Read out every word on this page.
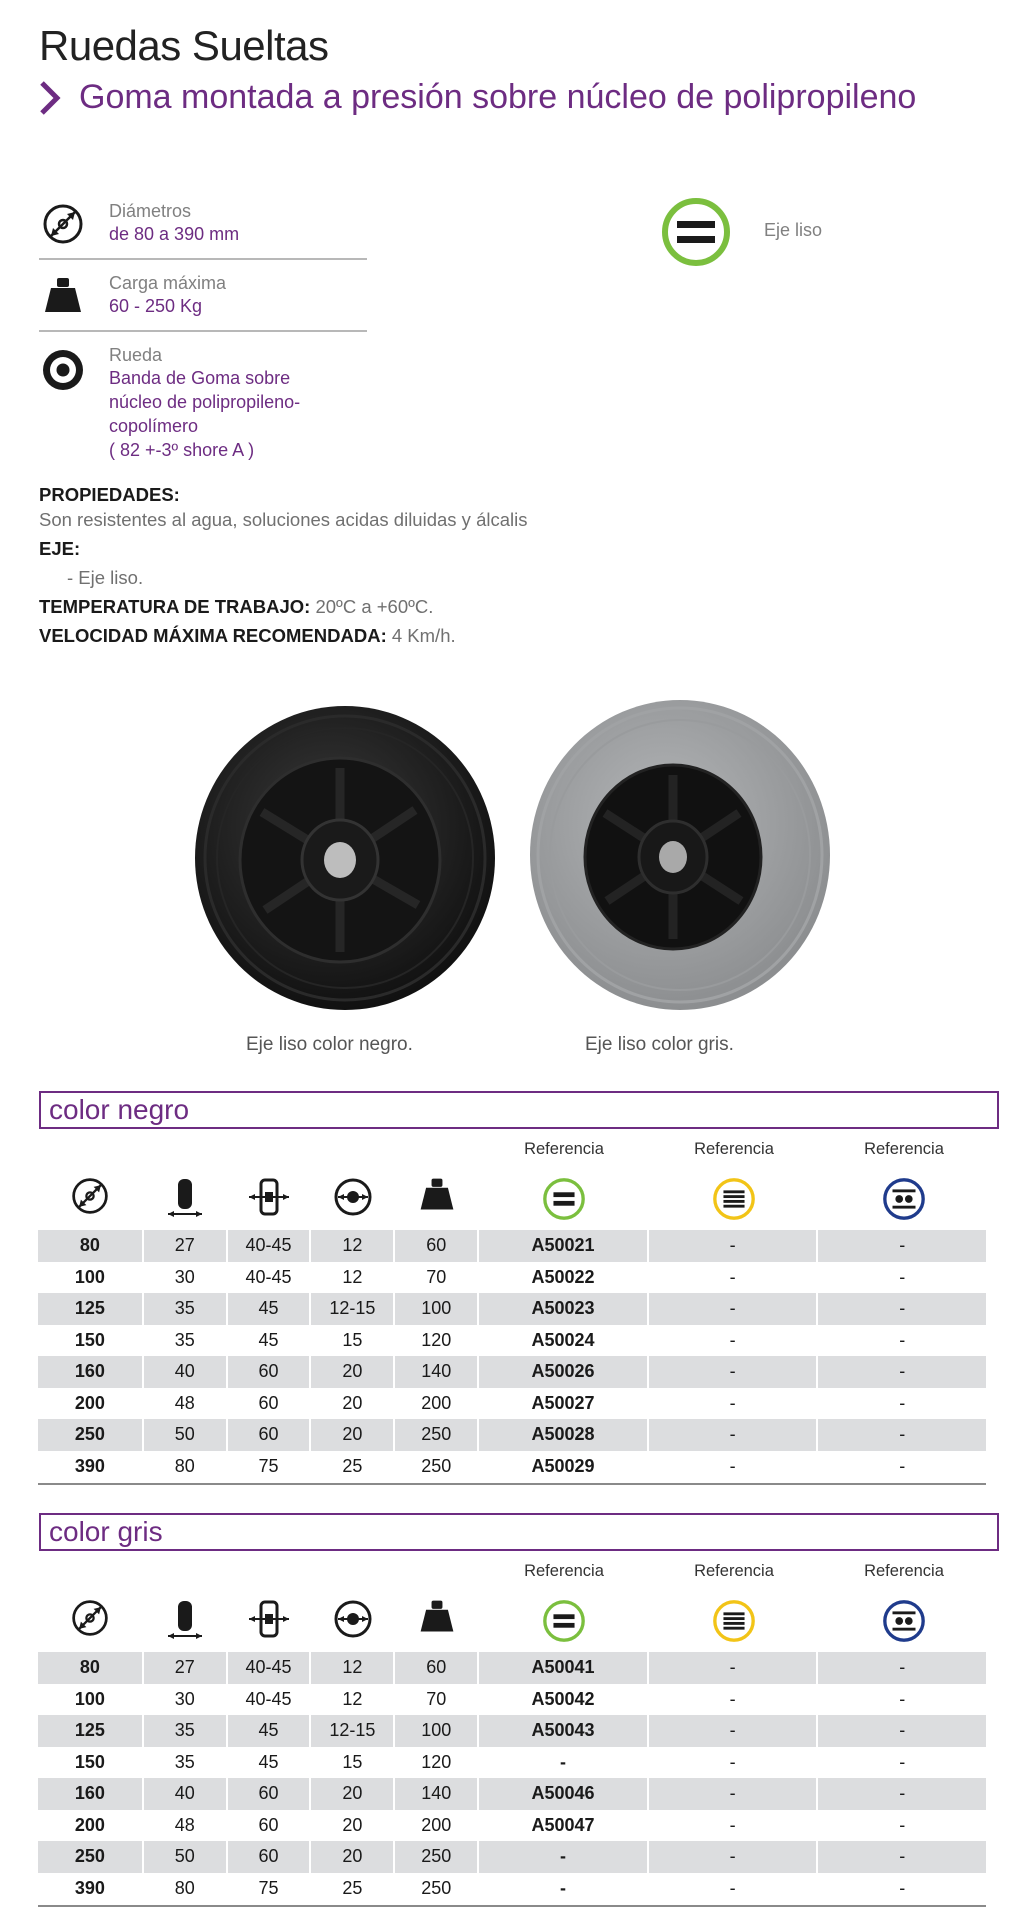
Ruedas Sueltas
Goma montada a presión sobre núcleo de polipropileno
Diámetros
de 80 a 390 mm
Carga máxima
60 - 250 Kg
Rueda
Banda de Goma sobre
núcleo de polipropileno-copolímero
( 82 +-3º shore A )
Eje liso
PROPIEDADES:
Son resistentes al agua, soluciones acidas diluidas y álcalis
EJE:
- Eje liso.
TEMPERATURA DE TRABAJO: 20ºC a +60ºC.
VELOCIDAD MÁXIMA RECOMENDADA: 4 Km/h.
Eje liso color negro.	Eje liso color gris.
color negro
Referencia	Referencia	Referencia
80	27	40-45	12	60	A50021	-	-
100	30	40-45	12	70	A50022	-	-
125	35	45	12-15	100	A50023	-	-
150	35	45	15	120	A50024	-	-
160	40	60	20	140	A50026	-	-
200	48	60	20	200	A50027	-	-
250	50	60	20	250	A50028	-	-
390	80	75	25	250	A50029	-	-
color gris
Referencia	Referencia	Referencia
80	27	40-45	12	60	A50041	-	-
100	30	40-45	12	70	A50042	-	-
125	35	45	12-15	100	A50043	-	-
150	35	45	15	120	-	-	-
160	40	60	20	140	A50046	-	-
200	48	60	20	200	A50047	-	-
250	50	60	20	250	-	-	-
390	80	75	25	250	-	-	-
